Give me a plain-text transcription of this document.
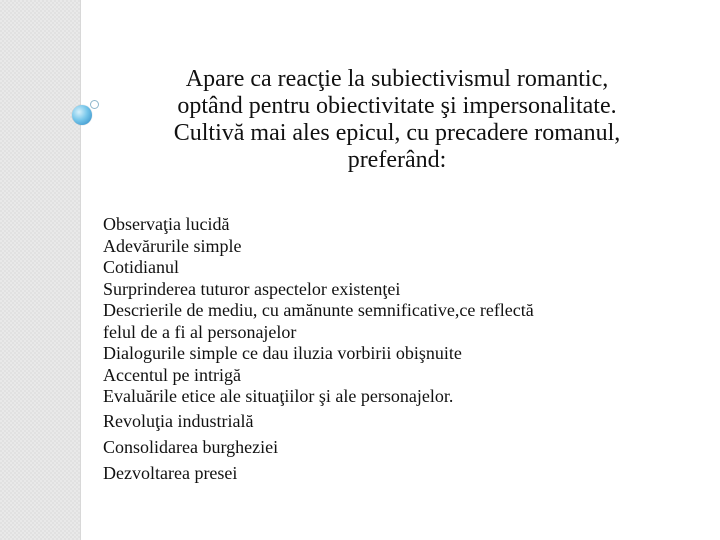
Apare ca reacţie la subiectivismul romantic,
optând pentru obiectivitate şi impersonalitate.
Cultivă mai ales epicul, cu precadere romanul,
preferând:
Observaţia lucidă
Adevărurile simple
Cotidianul
Surprinderea tuturor aspectelor existenţei
Descrierile de mediu, cu amănunte semnificative,ce reflectă
felul de a fi al personajelor
Dialogurile simple ce dau iluzia vorbirii obişnuite
Accentul pe intrigă
Evaluările etice ale situaţiilor şi ale personajelor.
Revoluţia industrială
Consolidarea burgheziei
Dezvoltarea presei
